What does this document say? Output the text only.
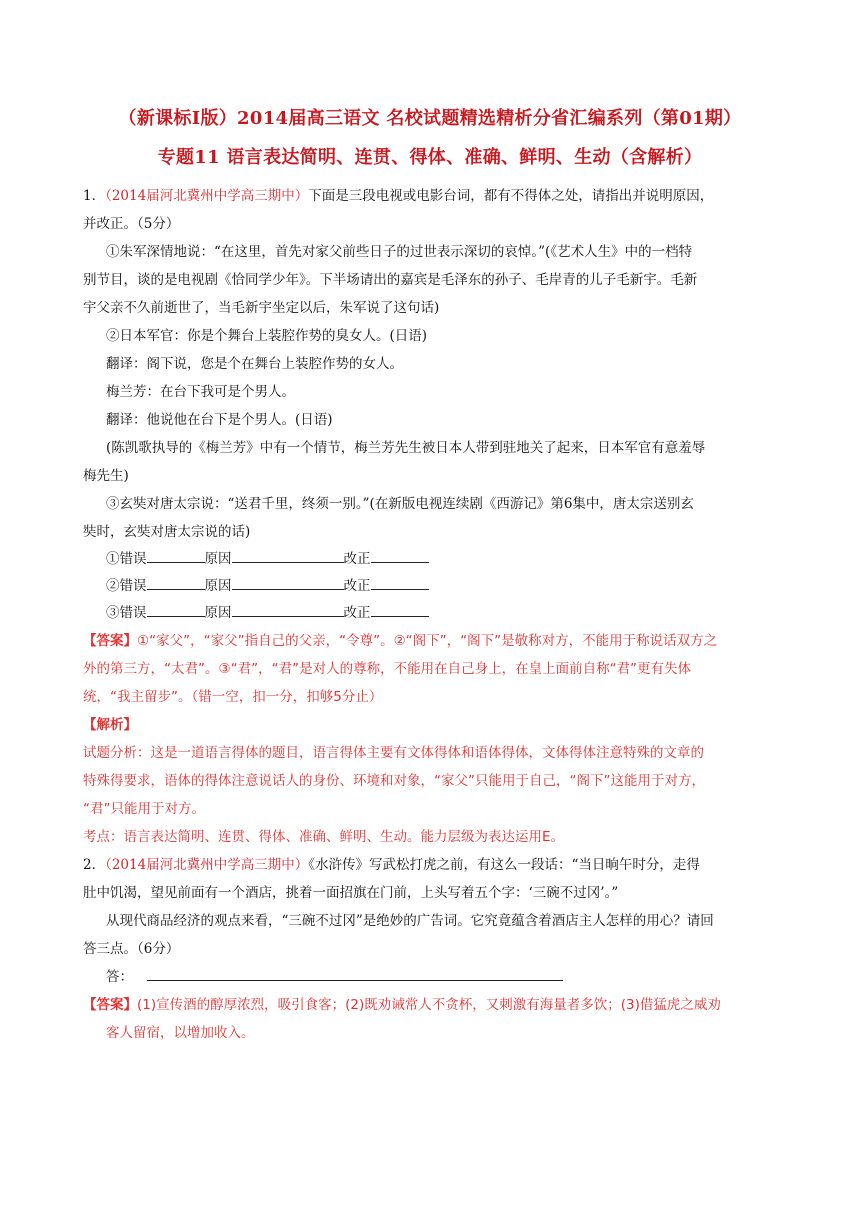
（新课标Ⅰ版）2014届高三语文 名校试题精选精析分省汇编系列（第01期）
专题11 语言表达简明、连贯、得体、准确、鲜明、生动（含解析）
1．（2014届河北冀州中学高三期中）下面是三段电视或电影台词，都有不得体之处，请指出并说明原因，
并改正。（5分）
①朱军深情地说：“在这里，首先对家父前些日子的过世表示深切的哀悼。”(《艺术人生》中的一档特
别节目，谈的是电视剧《恰同学少年》。下半场请出的嘉宾是毛泽东的孙子、毛岸青的儿子毛新宇。毛新
宇父亲不久前逝世了，当毛新宇坐定以后，朱军说了这句话)
②日本军官：你是个舞台上装腔作势的臭女人。(日语)
翻译：阁下说，您是个在舞台上装腔作势的女人。
梅兰芳：在台下我可是个男人。
翻译：他说他在台下是个男人。(日语)
(陈凯歌执导的《梅兰芳》中有一个情节，梅兰芳先生被日本人带到驻地关了起来，日本军官有意羞辱
梅先生)
③玄奘对唐太宗说：“送君千里，终须一别。”(在新版电视连续剧《西游记》第6集中，唐太宗送别玄
奘时，玄奘对唐太宗说的话)
①错误	原因	改正
②错误	原因	改正
③错误	原因	改正
【答案】①“家父”，“家父”指自己的父亲，“令尊”。②“阁下”，“阁下”是敬称对方，不能用于称说话双方之
外的第三方，“太君”。③“君”，“君”是对人的尊称，不能用在自己身上，在皇上面前自称“君”更有失体
统，“我主留步”。（错一空，扣一分，扣够5分止）
【解析】
试题分析：这是一道语言得体的题目，语言得体主要有文体得体和语体得体，文体得体注意特殊的文章的
特殊得要求，语体的得体注意说话人的身份、环境和对象，“家父”只能用于自己，“阁下”这能用于对方，
“君”只能用于对方。
考点：语言表达简明、连贯、得体、准确、鲜明、生动。能力层级为表达运用E。
2．（2014届河北冀州中学高三期中）《水浒传》写武松打虎之前，有这么一段话：“当日晌午时分，走得
肚中饥渴，望见前面有一个酒店，挑着一面招旗在门前，上头写着五个字：‘三碗不过冈’。”
从现代商品经济的观点来看，“三碗不过冈”是绝妙的广告词。它究竟蕴含着酒店主人怎样的用心？请回
答三点。（6分）
答：
【答案】(1)宣传酒的醇厚浓烈，吸引食客；(2)既劝诫常人不贪杯，又刺激有海量者多饮；(3)借猛虎之威劝
客人留宿，以增加收入。
